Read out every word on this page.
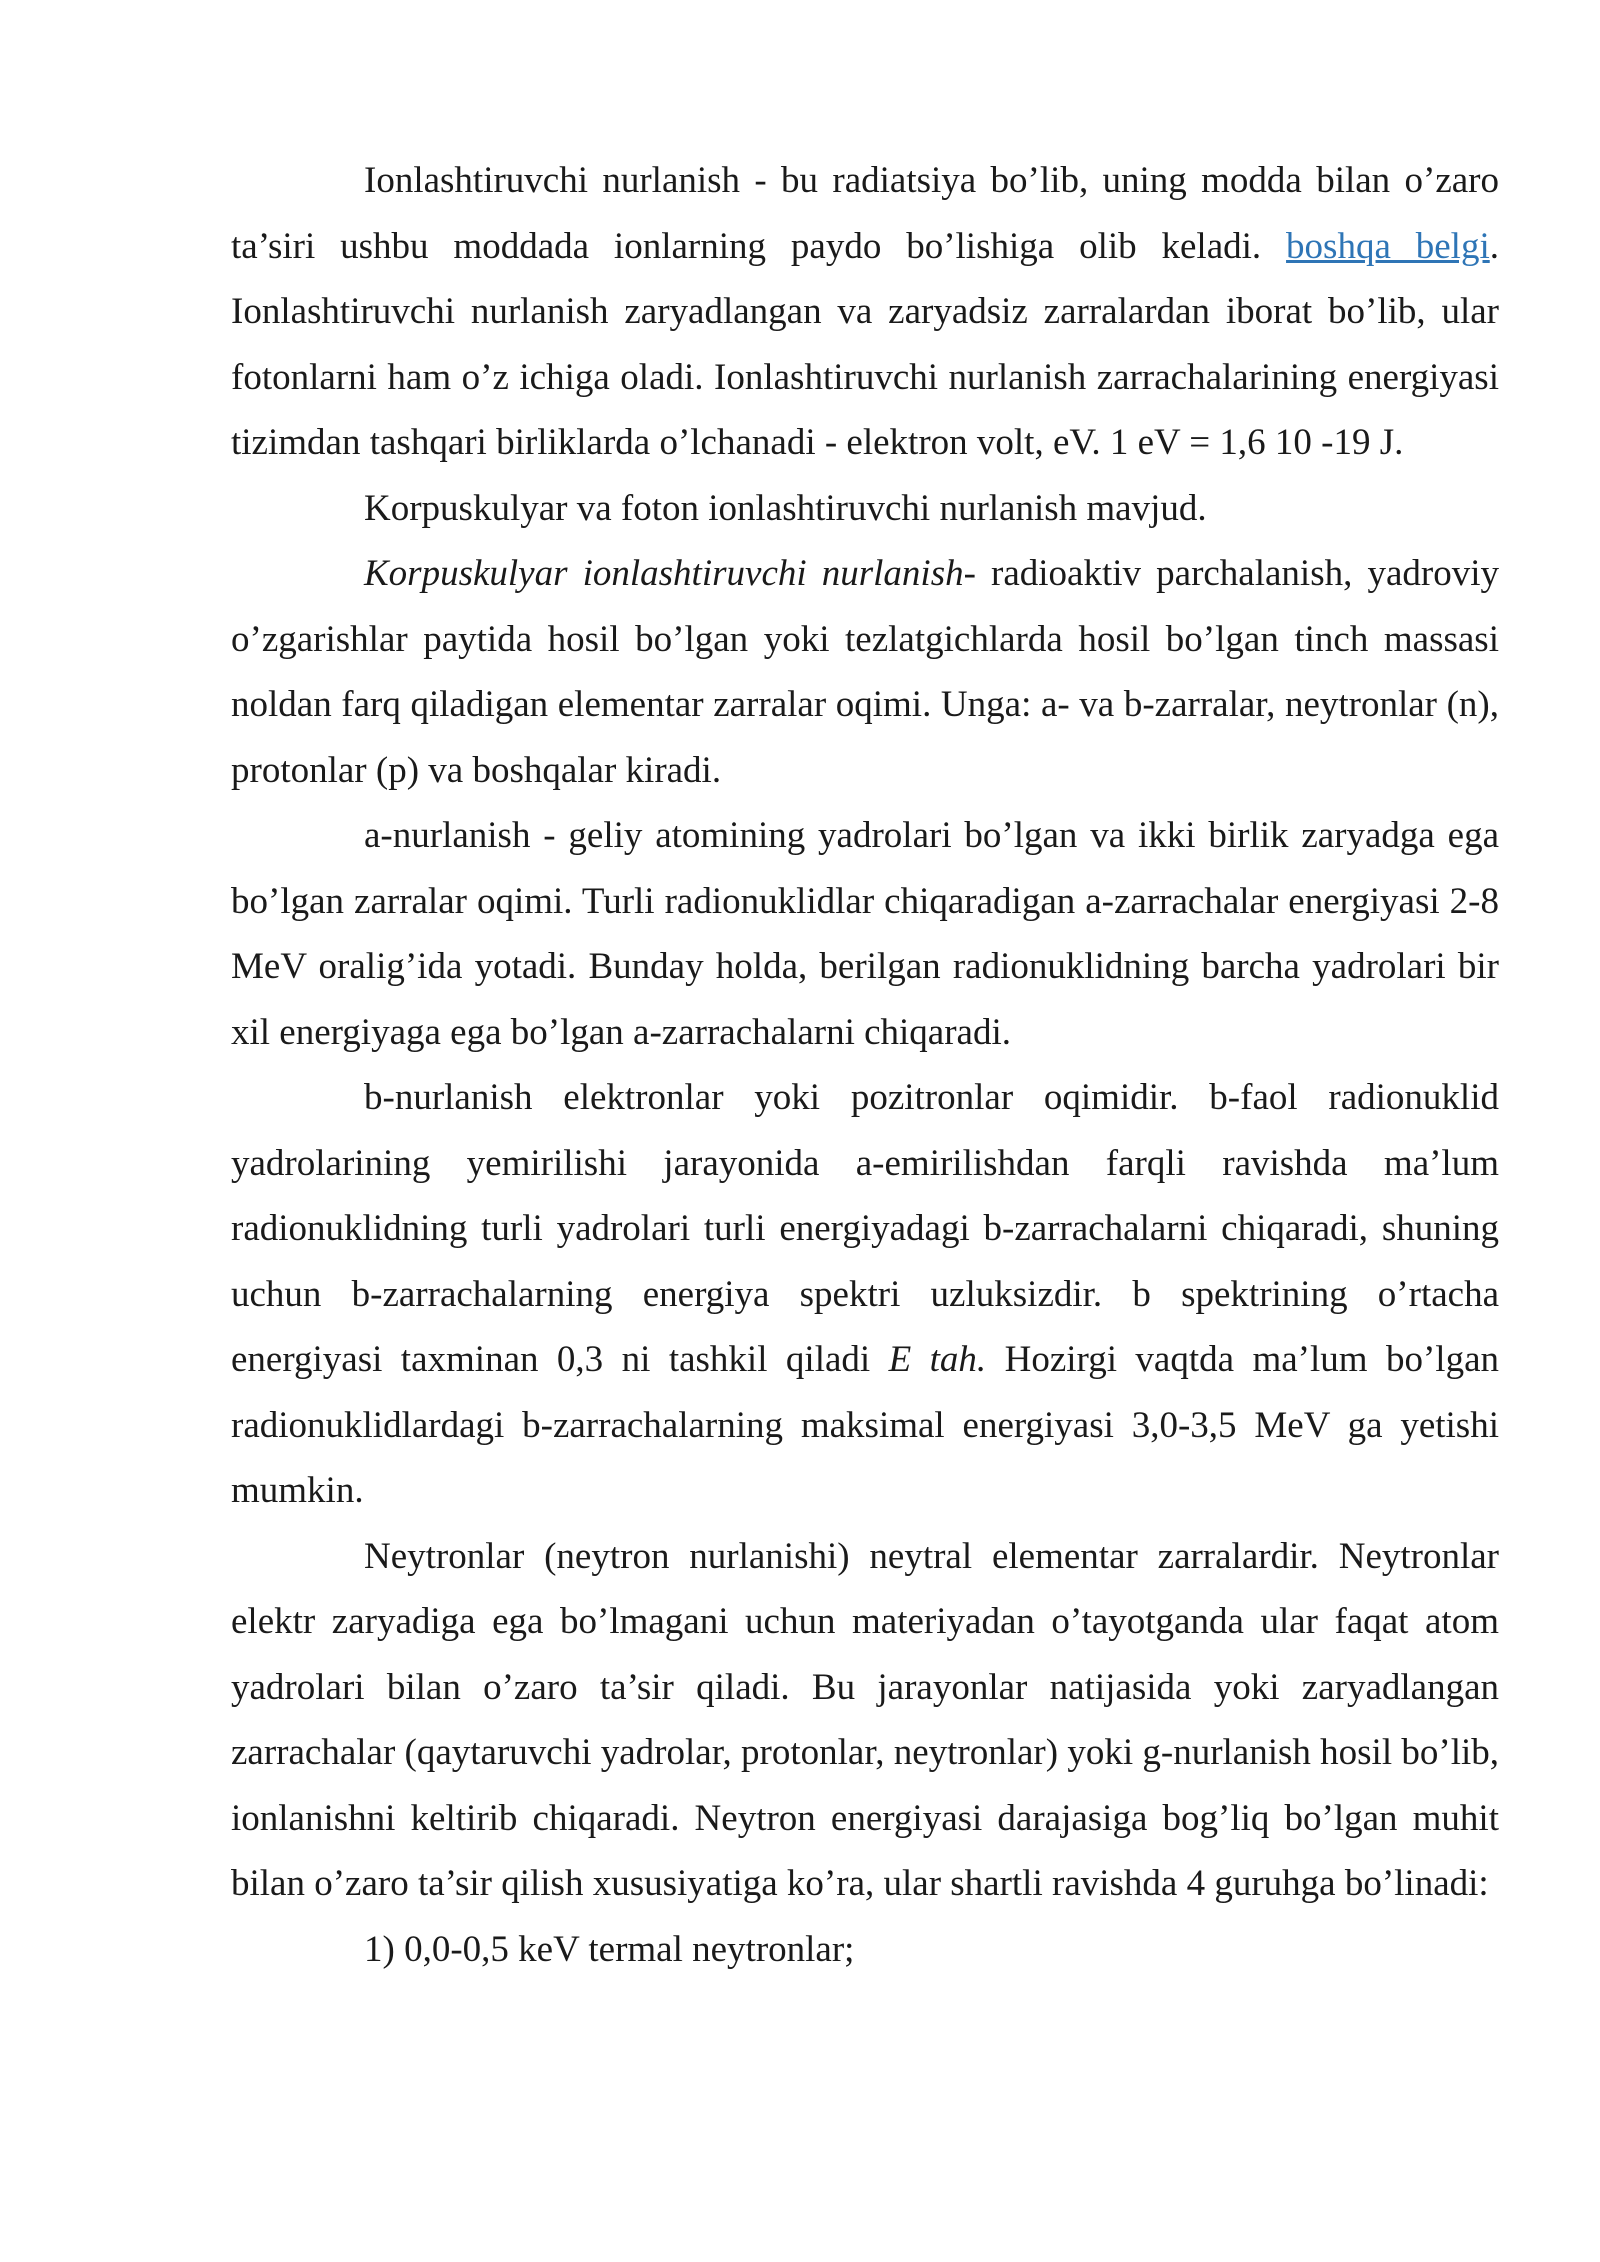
Ionlashtiruvchi nurlanish - bu radiatsiya bo’lib, uning modda bilan o’zaro ta’siri ushbu moddada ionlarning paydo bo’lishiga olib keladi. boshqa belgi. Ionlashtiruvchi nurlanish zaryadlangan va zaryadsiz zarralardan iborat bo’lib, ular fotonlarni ham o’z ichiga oladi. Ionlashtiruvchi nurlanish zarrachalarining energiyasi tizimdan tashqari birliklarda o’lchanadi - elektron volt, eV. 1 eV = 1,6 10 -19 J.

Korpuskulyar va foton ionlashtiruvchi nurlanish mavjud.

Korpuskulyar ionlashtiruvchi nurlanish- radioaktiv parchalanish, yadroviy o’zgarishlar paytida hosil bo’lgan yoki tezlatgichlarda hosil bo’lgan tinch massasi noldan farq qiladigan elementar zarralar oqimi. Unga: a- va b-zarralar, neytronlar (n), protonlar (p) va boshqalar kiradi.

a-nurlanish - geliy atomining yadrolari bo’lgan va ikki birlik zaryadga ega bo’lgan zarralar oqimi. Turli radionuklidlar chiqaradigan a-zarrachalar energiyasi 2-8 MeV oralig’ida yotadi. Bunday holda, berilgan radionuklidning barcha yadrolari bir xil energiyaga ega bo’lgan a-zarrachalarni chiqaradi.

b-nurlanish elektronlar yoki pozitronlar oqimidir. b-faol radionuklid yadrolarining yemirilishi jarayonida a-emirilishdan farqli ravishda ma’lum radionuklidning turli yadrolari turli energiyadagi b-zarrachalarni chiqaradi, shuning uchun b-zarrachalarning energiya spektri uzluksizdir. b spektrining o’rtacha energiyasi taxminan 0,3 ni tashkil qiladi E tah. Hozirgi vaqtda ma’lum bo’lgan radionuklidlardagi b-zarrachalarning maksimal energiyasi 3,0-3,5 MeV ga yetishi mumkin.

Neytronlar (neytron nurlanishi) neytral elementar zarralardir. Neytronlar elektr zaryadiga ega bo’lmagani uchun materiyadan o’tayotganda ular faqat atom yadrolari bilan o’zaro ta’sir qiladi. Bu jarayonlar natijasida yoki zaryadlangan zarrachalar (qaytaruvchi yadrolar, protonlar, neytronlar) yoki g-nurlanish hosil bo’lib, ionlanishni keltirib chiqaradi. Neytron energiyasi darajasiga bog’liq bo’lgan muhit bilan o’zaro ta’sir qilish xususiyatiga ko’ra, ular shartli ravishda 4 guruhga bo’linadi:

1) 0,0-0,5 keV termal neytronlar;
